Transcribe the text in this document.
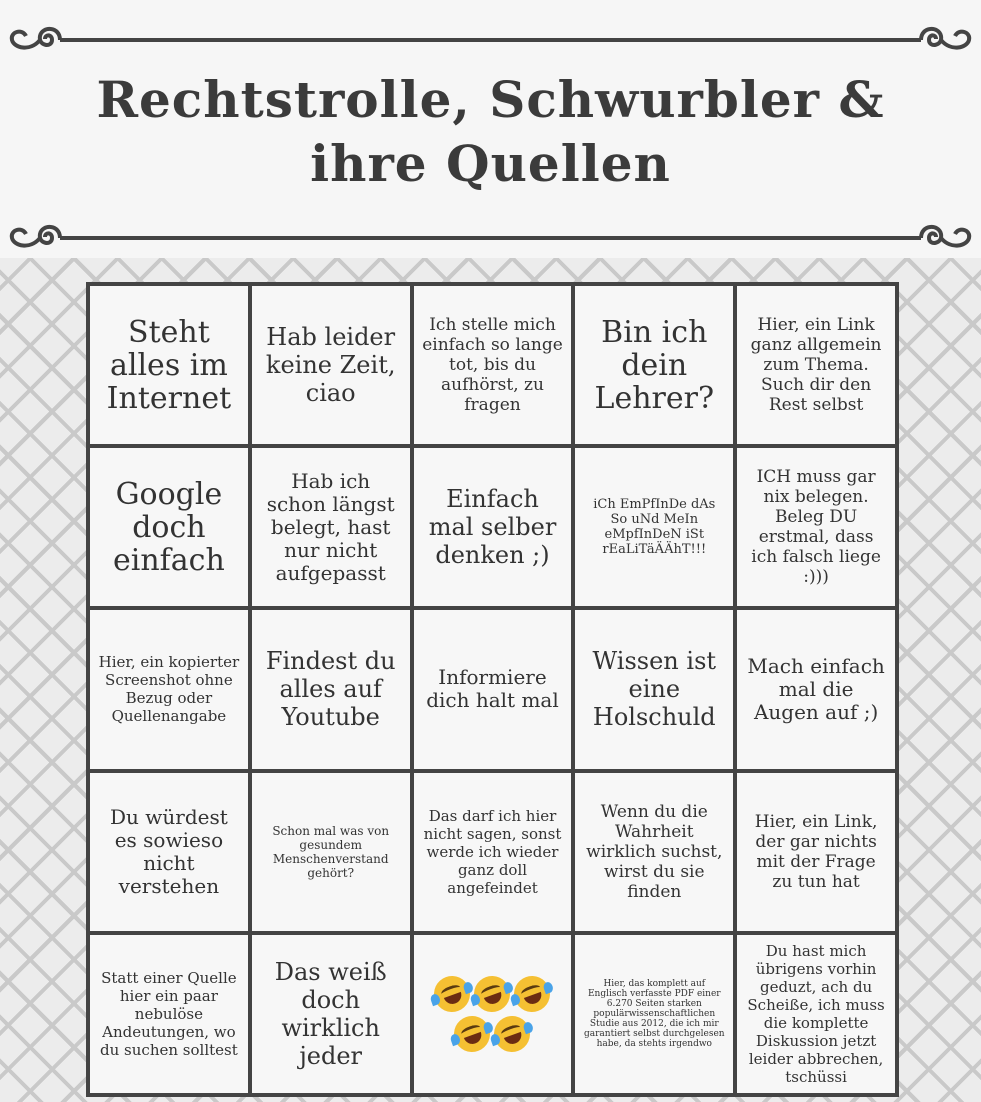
Rechtstrolle, Schwurbler &
ihre Quellen
Steht alles im Internet
Hab leider keine Zeit, ciao
Ich stelle mich einfach so lange tot, bis du aufhörst, zu fragen
Bin ich dein Lehrer?
Hier, ein Link ganz allgemein zum Thema. Such dir den Rest selbst
Google doch einfach
Hab ich schon längst belegt, hast nur nicht aufgepasst
Einfach mal selber denken ;)
iCh EmPfInDe dAs So uNd MeIn eMpfInDeN iSt rEaLiTäÄÄhT!!!
ICH muss gar nix belegen. Beleg DU erstmal, dass ich falsch liege :)))
Hier, ein kopierter Screenshot ohne Bezug oder Quellenangabe
Findest du alles auf Youtube
Informiere dich halt mal
Wissen ist eine Holschuld
Mach einfach mal die Augen auf ;)
Du würdest es sowieso nicht verstehen
Schon mal was von gesundem Menschenverstand gehört?
Das darf ich hier nicht sagen, sonst werde ich wieder ganz doll angefeindet
Wenn du die Wahrheit wirklich suchst, wirst du sie finden
Hier, ein Link, der gar nichts mit der Frage zu tun hat
Statt einer Quelle hier ein paar nebulöse Andeutungen, wo du suchen solltest
Das weiß doch wirklich jeder
Hier, das komplett auf Englisch verfasste PDF einer 6.270 Seiten starken populärwissenschaftlichen Studie aus 2012, die ich mir garantiert selbst durchgelesen habe, da stehts irgendwo
Du hast mich übrigens vorhin geduzt, ach du Scheiße, ich muss die komplette Diskussion jetzt leider abbrechen, tschüssi
